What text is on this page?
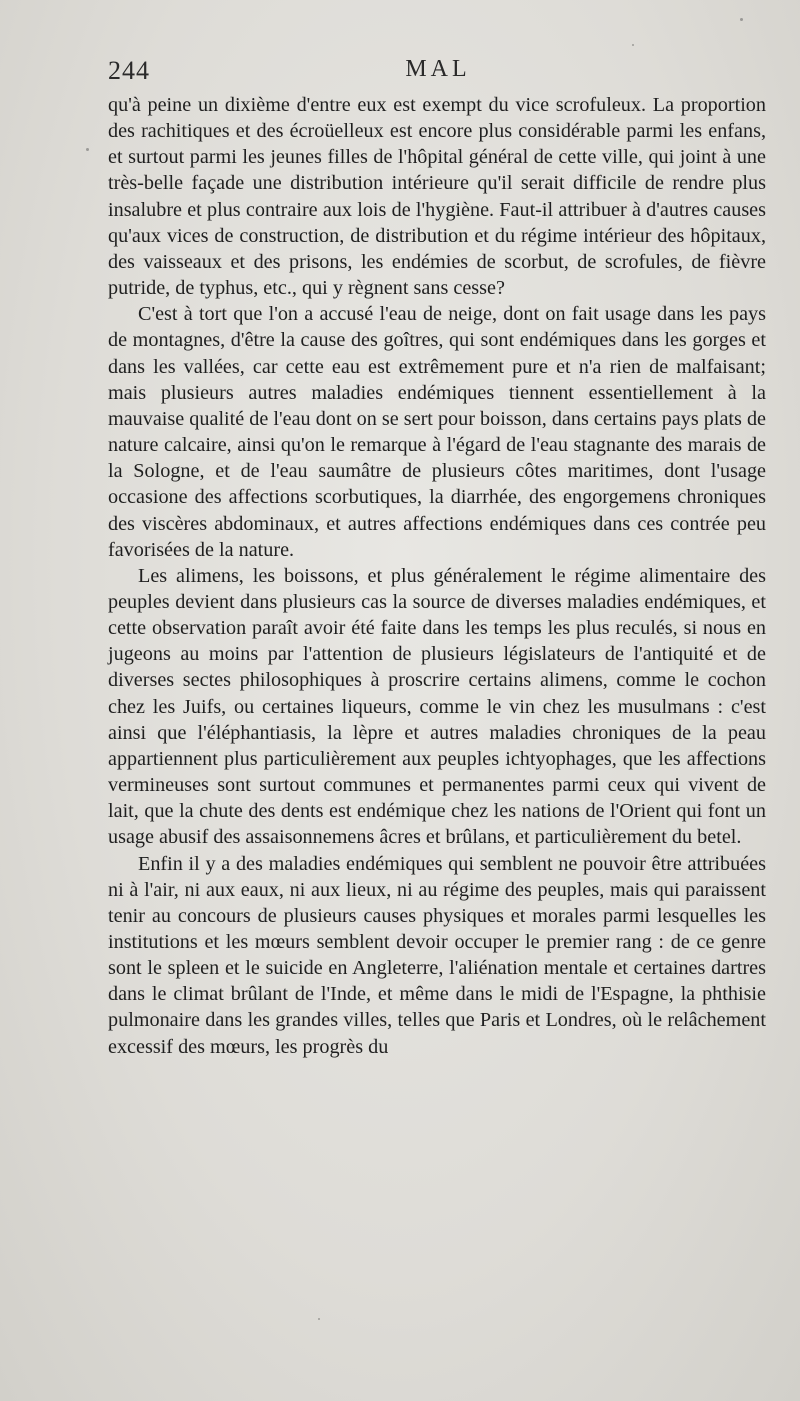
244	MAL

qu'à peine un dixième d'entre eux est exempt du vice scrofuleux. La proportion des rachitiques et des écroüelleux est encore plus considérable parmi les enfans, et surtout parmi les jeunes filles de l'hôpital général de cette ville, qui joint à une très-belle façade une distribution intérieure qu'il serait difficile de rendre plus insalubre et plus contraire aux lois de l'hygiène. Faut-il attribuer à d'autres causes qu'aux vices de construction, de distribution et du régime intérieur des hôpitaux, des vaisseaux et des prisons, les endémies de scorbut, de scrofules, de fièvre putride, de typhus, etc., qui y règnent sans cesse?

C'est à tort que l'on a accusé l'eau de neige, dont on fait usage dans les pays de montagnes, d'être la cause des goîtres, qui sont endémiques dans les gorges et dans les vallées, car cette eau est extrêmement pure et n'a rien de malfaisant; mais plusieurs autres maladies endémiques tiennent essentiellement à la mauvaise qualité de l'eau dont on se sert pour boisson, dans certains pays plats de nature calcaire, ainsi qu'on le remarque à l'égard de l'eau stagnante des marais de la Sologne, et de l'eau saumâtre de plusieurs côtes maritimes, dont l'usage occasione des affections scorbutiques, la diarrhée, des engorgemens chroniques des viscères abdominaux, et autres affections endémiques dans ces contrée peu favorisées de la nature.

Les alimens, les boissons, et plus généralement le régime alimentaire des peuples devient dans plusieurs cas la source de diverses maladies endémiques, et cette observation paraît avoir été faite dans les temps les plus reculés, si nous en jugeons au moins par l'attention de plusieurs législateurs de l'antiquité et de diverses sectes philosophiques à proscrire certains alimens, comme le cochon chez les Juifs, ou certaines liqueurs, comme le vin chez les musulmans : c'est ainsi que l'éléphantiasis, la lèpre et autres maladies chroniques de la peau appartiennent plus particulièrement aux peuples ichtyophages, que les affections vermineuses sont surtout communes et permanentes parmi ceux qui vivent de lait, que la chute des dents est endémique chez les nations de l'Orient qui font un usage abusif des assaisonnemens âcres et brûlans, et particulièrement du betel.

Enfin il y a des maladies endémiques qui semblent ne pouvoir être attribuées ni à l'air, ni aux eaux, ni aux lieux, ni au régime des peuples, mais qui paraissent tenir au concours de plusieurs causes physiques et morales parmi lesquelles les institutions et les mœurs semblent devoir occuper le premier rang : de ce genre sont le spleen et le suicide en Angleterre, l'aliénation mentale et certaines dartres dans le climat brûlant de l'Inde, et même dans le midi de l'Espagne, la phthisie pulmonaire dans les grandes villes, telles que Paris et Londres, où le relâchement excessif des mœurs, les progrès du
